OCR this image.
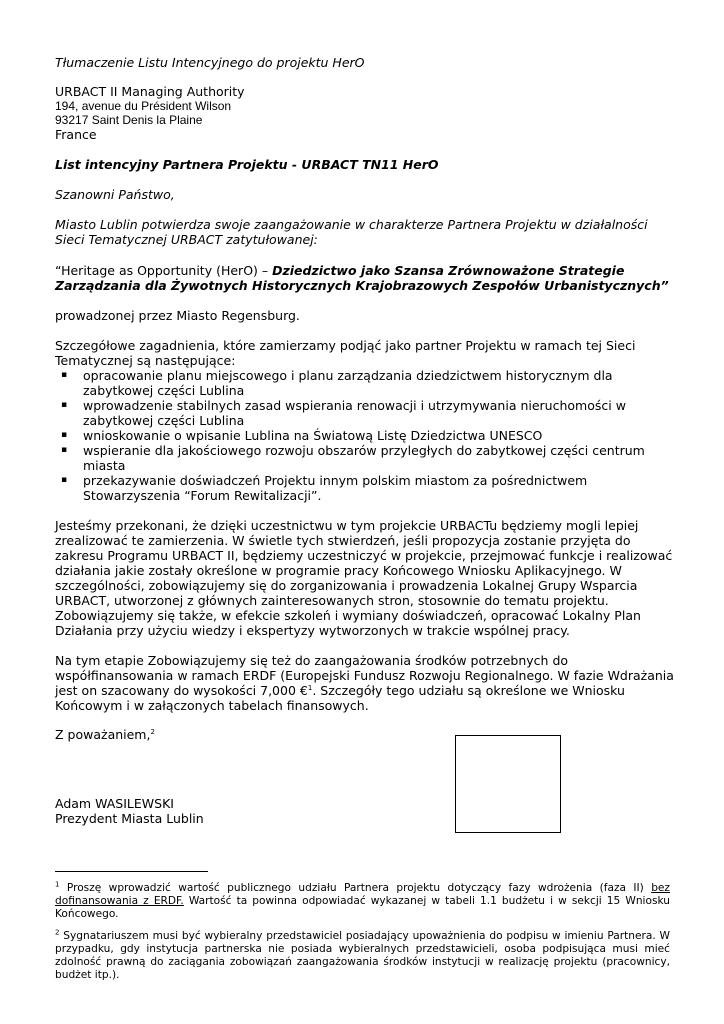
Tłumaczenie Listu Intencyjnego do projektu HerO

URBACT II Managing Authority

194, avenue du Président Wilson

93217 Saint Denis la Plaine

France

List intencyjny Partnera Projektu - URBACT TN11 HerO

Szanowni Państwo,

Miasto Lublin potwierdza swoje zaangażowanie w charakterze Partnera Projektu w działalności Sieci Tematycznej URBACT zatytułowanej:

“Heritage as Opportunity (HerO) – Dziedzictwo jako Szansa Zrównoważone Strategie Zarządzania dla Żywotnych Historycznych Krajobrazowych Zespołów Urbanistycznych”

prowadzonej przez Miasto Regensburg.

Szczegółowe zagadnienia, które zamierzamy podjąć jako partner Projektu w ramach tej Sieci Tematycznej są następujące:

▪ opracowanie planu miejscowego i planu zarządzania dziedzictwem historycznym dla zabytkowej części Lublina
▪ wprowadzenie stabilnych zasad wspierania renowacji i utrzymywania nieruchomości w zabytkowej części Lublina
▪ wnioskowanie o wpisanie Lublina na Światową Listę Dziedzictwa UNESCO
▪ wspieranie dla jakościowego rozwoju obszarów przyległych do zabytkowej części centrum miasta
▪ przekazywanie doświadczeń Projektu innym polskim miastom za pośrednictwem Stowarzyszenia “Forum Rewitalizacji”.

Jesteśmy przekonani, że dzięki uczestnictwu w tym projekcie URBACTu będziemy mogli lepiej zrealizować te zamierzenia. W świetle tych stwierdzeń, jeśli propozycja zostanie przyjęta do zakresu Programu URBACT II, będziemy uczestniczyć w projekcie, przejmować funkcje i realizować działania jakie zostały określone w programie pracy Końcowego Wniosku Aplikacyjnego. W szczególności, zobowiązujemy się do zorganizowania i prowadzenia Lokalnej Grupy Wsparcia URBACT, utworzonej z głównych zainteresowanych stron, stosownie do tematu projektu. Zobowiązujemy się także, w efekcie szkoleń i wymiany doświadczeń, opracować Lokalny Plan Działania przy użyciu wiedzy i ekspertyzy wytworzonych w trakcie wspólnej pracy.

Na tym etapie Zobowiązujemy się też do zaangażowania środków potrzebnych do współfinansowania w ramach ERDF (Europejski Fundusz Rozwoju Regionalnego. W fazie Wdrażania jest on szacowany do wysokości 7,000 €$^1$. Szczegóły tego udziału są określone we Wniosku Końcowym i w załączonych tabelach finansowych.

Z poważaniem,$^2$

Adam WASILEWSKI

Prezydent Miasta Lublin

$^1$ Proszę wprowadzić wartość publicznego udziału Partnera projektu dotyczący fazy wdrożenia (faza II) bez dofinansowania z ERDF. Wartość ta powinna odpowiadać wykazanej w tabeli 1.1 budżetu i w sekcji 15 Wniosku Końcowego.

$^2$ Sygnatariuszem musi być wybieralny przedstawiciel posiadający upoważnienia do podpisu w imieniu Partnera. W przypadku, gdy instytucja partnerska nie posiada wybieralnych przedstawicieli, osoba podpisująca musi mieć zdolność prawną do zaciągania zobowiązań zaangażowania środków instytucji w realizację projektu (pracownicy, budżet itp.).
